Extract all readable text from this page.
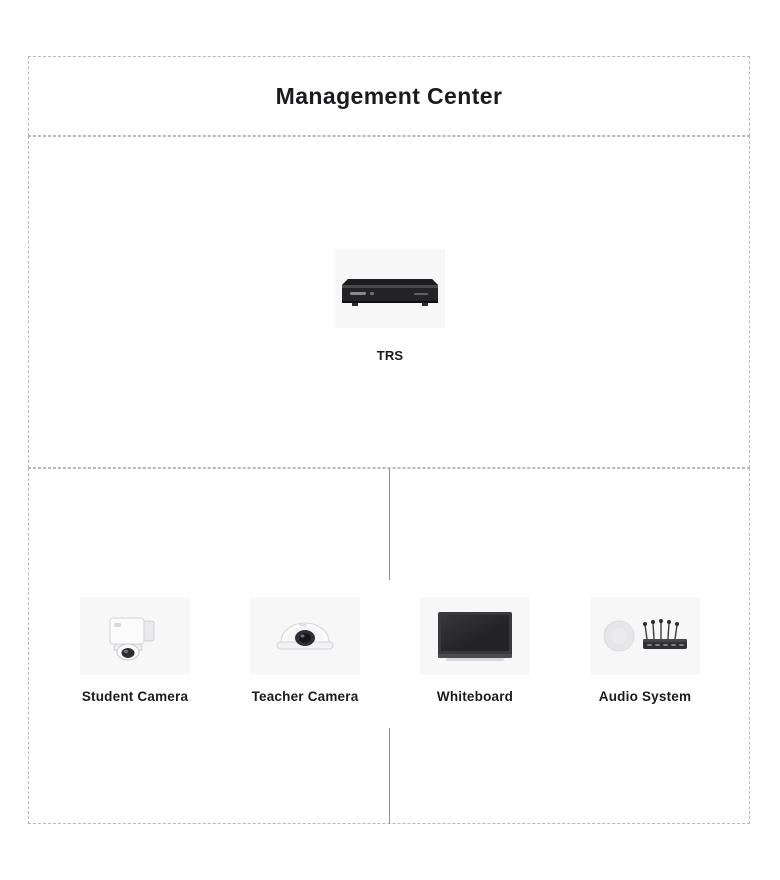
Management Center
TRS
Student Camera	Teacher Camera	Whiteboard	Audio System
